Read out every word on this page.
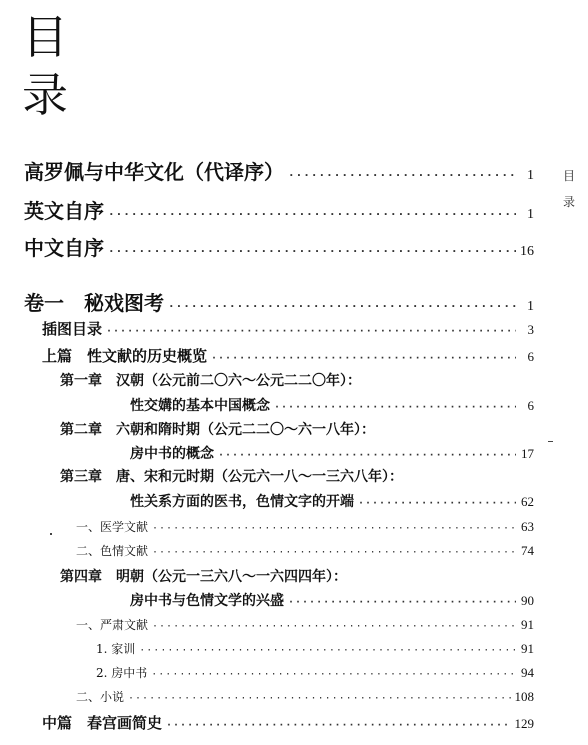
目
录
目
录
高罗佩与中华文化（代译序） ·····	1
英文自序 ·····	1
中文自序 ·····	16
卷一　秘戏图考 ·····	1
插图目录 ·····	3
上篇　性文献的历史概览 ·····	6
第一章　汉朝（公元前二〇六～公元二二〇年）：
性交媾的基本中国概念 ·····	6
第二章　六朝和隋时期（公元二二〇～六一八年）：
房中书的概念 ·····	17
第三章　唐、宋和元时期（公元六一八～一三六八年）：
性关系方面的医书，色情文字的开端 ·····	62
一、医学文献 ·····	63
二、色情文献 ·····	74
第四章　明朝（公元一三六八～一六四四年）：
房中书与色情文学的兴盛 ·····	90
一、严肃文献 ·····	91
1. 家训 ·····	91
2. 房中书 ·····	94
二、小说 ·····	108
中篇　春宫画简史 ·····	129
